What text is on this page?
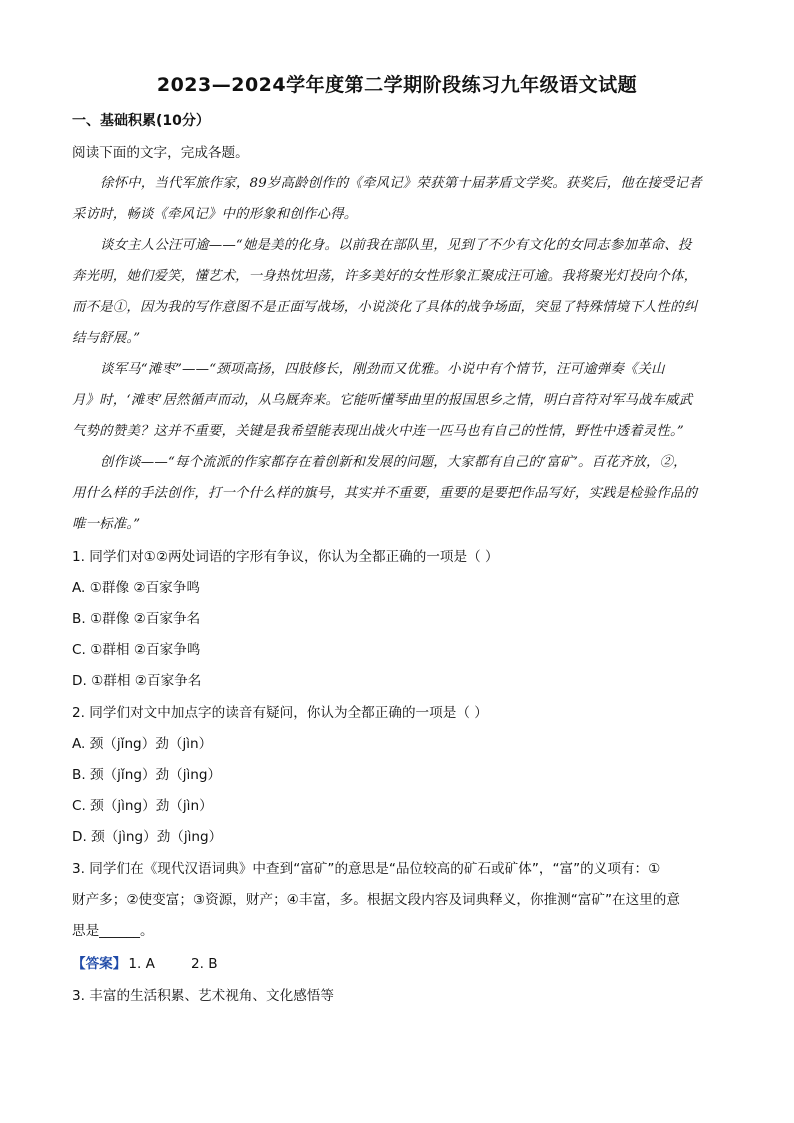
2023—2024学年度第二学期阶段练习九年级语文试题
一、基础积累(10分）
阅读下面的文字，完成各题。
徐怀中，当代军旅作家，89岁高龄创作的《牵风记》荣获第十届茅盾文学奖。获奖后，他在接受记者
采访时，畅谈《牵风记》中的形象和创作心得。
谈女主人公汪可逾——“她是美的化身。以前我在部队里，见到了不少有文化的女同志参加革命、投
奔光明，她们爱笑，懂艺术，一身热忱坦荡，许多美好的女性形象汇聚成汪可逾。我将聚光灯投向个体，
而不是①，因为我的写作意图不是正面写战场，小说淡化了具体的战争场面，突显了特殊情境下人性的纠
结与舒展。”
谈军马“滩枣”——“颈项高扬，四肢修长，刚劲而又优雅。小说中有个情节，汪可逾弹奏《关山
月》时，‘滩枣’居然循声而动，从乌厩奔来。它能听懂琴曲里的报国思乡之情，明白音符对军马战车威武
气势的赞美？这并不重要，关键是我希望能表现出战火中连一匹马也有自己的性情，野性中透着灵性。”
创作谈——“每个流派的作家都存在着创新和发展的问题，大家都有自己的‘富矿’。百花齐放，②，
用什么样的手法创作，打一个什么样的旗号，其实并不重要，重要的是要把作品写好，实践是检验作品的
唯一标准。”
1. 同学们对①②两处词语的字形有争议，你认为全都正确的一项是（ ）
A. ①群像 ②百家争鸣
B. ①群像 ②百家争名
C. ①群相 ②百家争鸣
D. ①群相 ②百家争名
2. 同学们对文中加点字的读音有疑问，你认为全都正确的一项是（ ）
A. 颈（jǐng）劲（jìn）
B. 颈（jǐng）劲（jìng）
C. 颈（jìng）劲（jìn）
D. 颈（jìng）劲（jìng）
3. 同学们在《现代汉语词典》中查到“富矿”的意思是“品位较高的矿石或矿体”，“富”的义项有：①
财产多；②使变富；③资源，财产；④丰富，多。根据文段内容及词典释义，你推测“富矿”在这里的意
思是______。
【答案】 1. A	2. B
3. 丰富的生活积累、艺术视角、文化感悟等
